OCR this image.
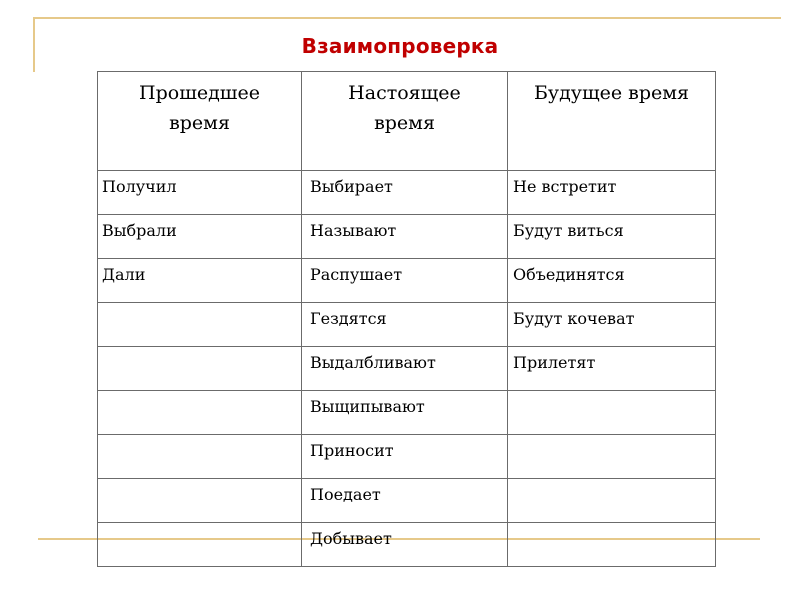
Взаимопроверка
Прошедшее время	Настоящее время	Будущее время
Получил	Выбирает	Не встретит
Выбрали	Называют	Будут виться
Дали	Распушает	Объединятся
	Гездятся	Будут кочеват
	Выдалбливают	Прилетят
	Выщипывают	
	Приносит	
	Поедает	
	Добывает	
